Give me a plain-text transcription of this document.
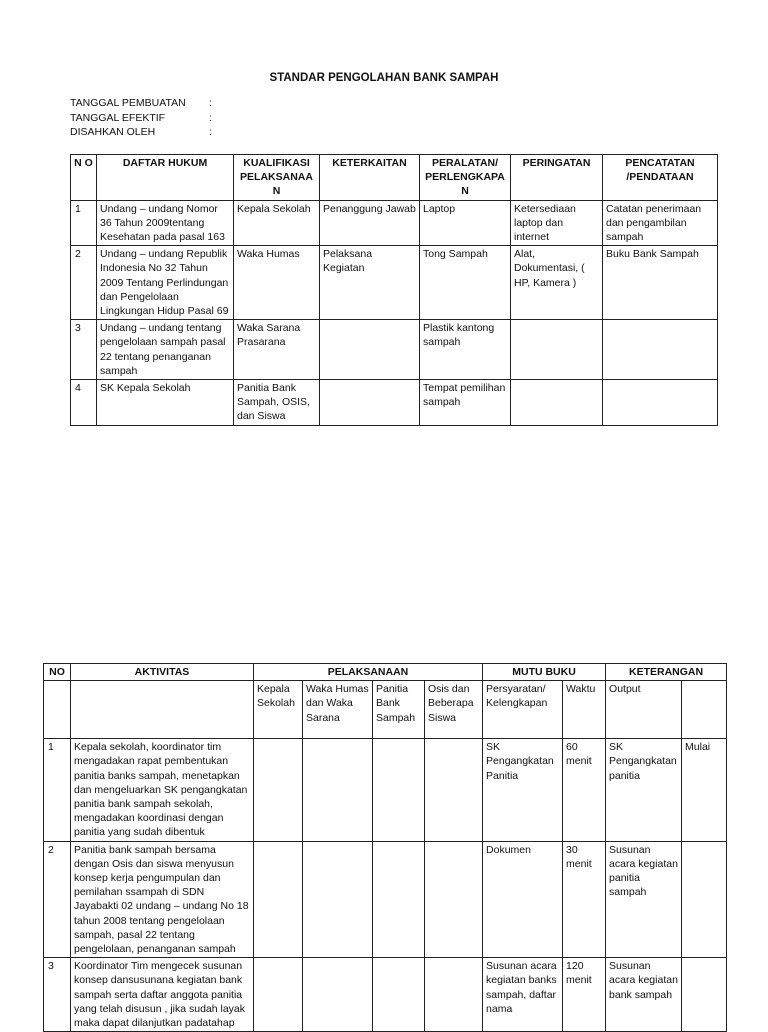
STANDAR PENGOLAHAN BANK SAMPAH
TANGGAL PEMBUATAN	:
TANGGAL EFEKTIF	:
DISAHKAN OLEH	:
N O	DAFTAR HUKUM	KUALIFIKASI PELAKSANAAN	KETERKAITAN	PERALATAN/ PERLENGKAPAN	PERINGATAN	PENCATATAN /PENDATAAN
1	Undang – undang Nomor 36 Tahun 2009tentang Kesehatan pada pasal 163	Kepala Sekolah	Penanggung Jawab	Laptop	Ketersediaan laptop dan internet	Catatan penerimaan dan pengambilan sampah
2	Undang – undang Republik Indonesia No 32 Tahun 2009 Tentang Perlindungan dan Pengelolaan Lingkungan Hidup Pasal 69	Waka Humas	Pelaksana Kegiatan	Tong Sampah	Alat, Dokumentasi, ( HP, Kamera )	Buku Bank Sampah
3	Undang – undang tentang pengelolaan sampah pasal 22 tentang penanganan sampah	Waka Sarana Prasarana		Plastik kantong sampah		
4	SK Kepala Sekolah	Panitia Bank Sampah, OSIS, dan Siswa		Tempat pemilihan sampah		
NO	AKTIVITAS	PELAKSANAAN				MUTU BUKU		KETERANGAN	
		Kepala Sekolah	Waka Humas dan Waka Sarana	Panitia Bank Sampah	Osis dan Beberapa Siswa	Persyaratan/ Kelengkapan	Waktu	Output	
1	Kepala sekolah, koordinator tim mengadakan rapat pembentukan panitia banks sampah, menetapkan dan mengeluarkan SK pengangkatan panitia bank sampah sekolah, mengadakan koordinasi dengan panitia yang sudah dibentuk					SK Pengangkatan Panitia	60 menit	SK Pengangkatan panitia	Mulai
2	Panitia bank sampah bersama dengan Osis dan siswa menyusun konsep kerja pengumpulan dan pemilahan ssampah di SDN Jayabakti 02 undang – undang No 18 tahun 2008 tentang pengelolaan sampah, pasal 22 tentang pengelolaan, penanganan sampah					Dokumen	30 menit	Susunan acara kegiatan panitia sampah	
3	Koordinator Tim mengecek susunan konsep dansusunana kegiatan bank sampah serta daftar anggota panitia yang telah disusun , jika sudah layak maka dapat dilanjutkan padatahap					Susunan acara kegiatan banks sampah, daftar nama	120 menit	Susunan acara kegiatan bank sampah	
